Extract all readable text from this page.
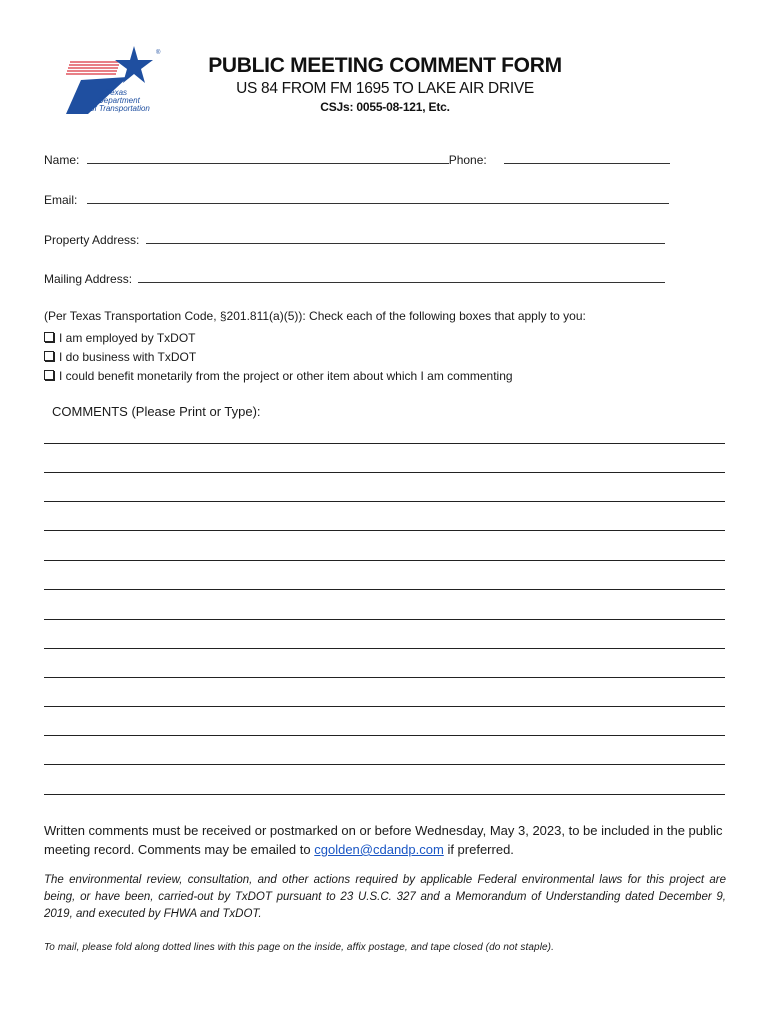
®
Texas
Department
of Transportation
PUBLIC MEETING COMMENT FORM
US 84 FROM FM 1695 TO LAKE AIR DRIVE
CSJs: 0055-08-121, Etc.
Name:	Phone:
Email:
Property Address:
Mailing Address:
(Per Texas Transportation Code, §201.811(a)(5)): Check each of the following boxes that apply to you:
I am employed by TxDOT
I do business with TxDOT
I could benefit monetarily from the project or other item about which I am commenting
COMMENTS (Please Print or Type):
Written comments must be received or postmarked on or before Wednesday, May 3, 2023, to be included in the public meeting record. Comments may be emailed to cgolden@cdandp.com if preferred.
The environmental review, consultation, and other actions required by applicable Federal environmental laws for this project are being, or have been, carried-out by TxDOT pursuant to 23 U.S.C. 327 and a Memorandum of Understanding dated December 9, 2019, and executed by FHWA and TxDOT.
To mail, please fold along dotted lines with this page on the inside, affix postage, and tape closed (do not staple).
